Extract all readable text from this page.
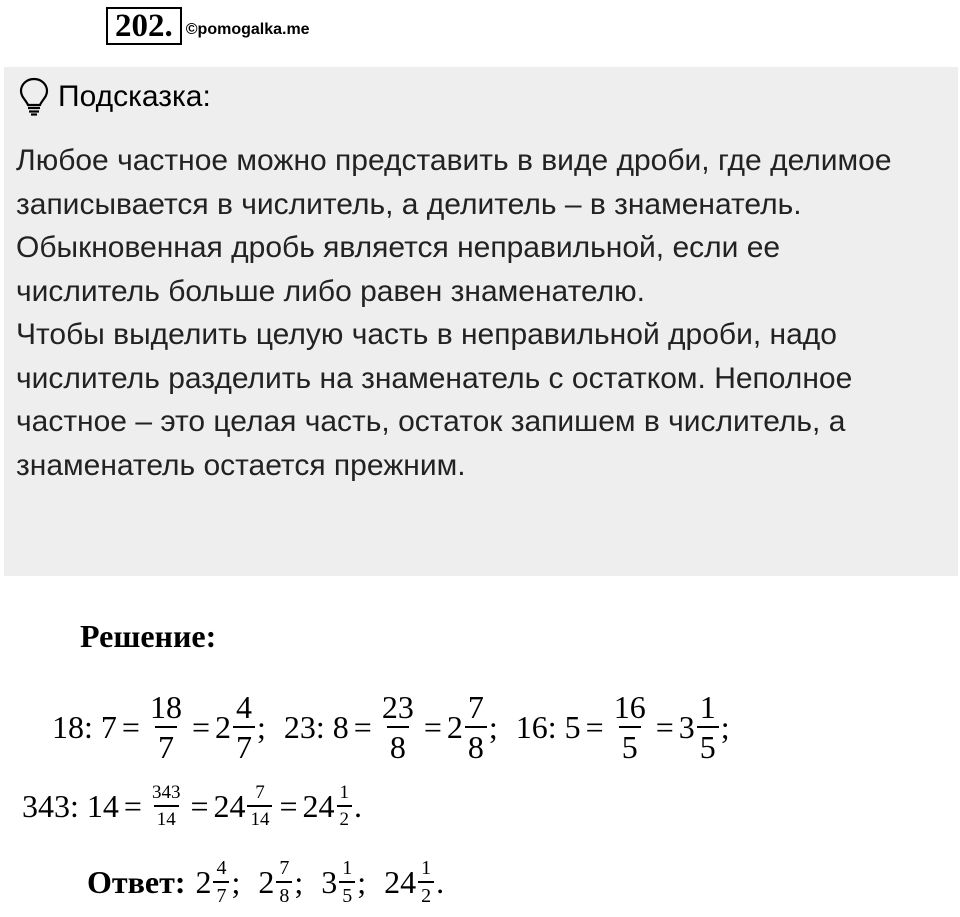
202. ©pomogalka.me
Подсказка:

Любое частное можно представить в виде дроби, где делимое записывается в числитель, а делитель – в знаменатель.

Обыкновенная дробь является неправильной, если ее числитель больше либо равен знаменателю.

Чтобы выделить целую часть в неправильной дроби, надо числитель разделить на знаменатель с остатком. Неполное частное – это целая часть, остаток запишем в числитель, а знаменатель остается прежним.

Решение:
18: $7 = \frac{18}{7} = 2 \frac{4}{7}$ ; 23: $8 = \frac{23}{8} = 2 \frac{7}{8}$ ; 16: $5 = \frac{16}{5} = 3 \frac{1}{5}$ ;
343: $14 = \frac{343}{14} = 24 \frac{7}{14} = 24 \frac{1}{2}$ .
Ответ: $2 \frac{4}{7}$ ; $2 \frac{7}{8}$ ; $3 \frac{1}{5}$ ; $24 \frac{1}{2}$ .
